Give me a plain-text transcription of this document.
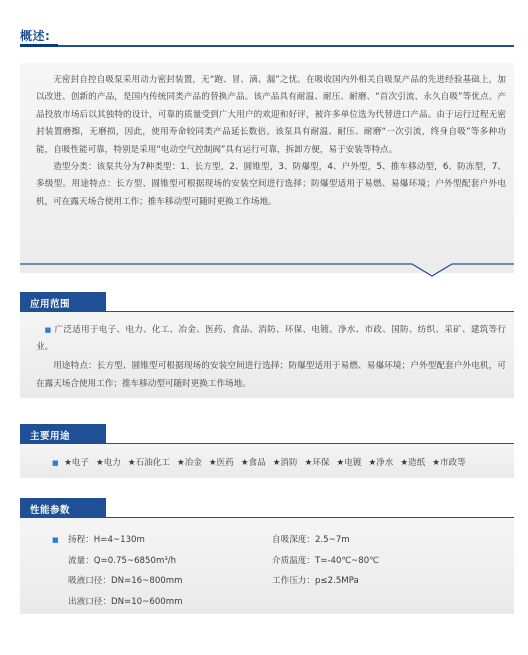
概述:

无密封自控自吸泵采用动力密封装置，无“跑、冒、滴、漏”之忧。在吸收国内外相关自吸泵产品的先进经验基础上，加以改进、创新的产品，是国内传统同类产品的替换产品。该产品具有耐温、耐压、耐磨、“首次引流、永久自吸”等优点。产品投放市场后以其独特的设计，可靠的质量受到广大用户的欢迎和好评，被许多单位选为代替进口产品。由于运行过程无密封装置磨擦，无磨损，因此，使用寿命较同类产品延长数倍。该泵具有耐温、耐压、耐磨“一次引流，终身自吸”等多种功能，自吸性能可靠，特别是采用“电动空气控制阀”具有运行可靠，拆卸方便，易于安装等特点。

造型分类：该泵共分为7种类型：1、长方型，2、圆锥型，3、防爆型，4、户外型，5、推车移动型，6、防冻型，7、多级型。用途特点：长方型、圆锥型可根据现场的安装空间进行选择；防爆型适用于易燃、易爆环境；户外型配套户外电机，可在露天场合使用工作；推车移动型可随时更换工作场地。

应用范围

■ 广泛适用于电子、电力、化工、冶金、医药、食品、消防、环保、电镀、净水、市政、国防、纺织、采矿、建筑等行业。

用途特点：长方型、圆锥型可根据现场的安装空间进行选择；防爆型适用于易燃、易爆环境；户外型配套户外电机，可在露天场合使用工作；推车移动型可随时更换工作场地。

主要用途
■ ★电子 ★电力 ★石油化工 ★冶金 ★医药 ★食品 ★消防 ★环保 ★电镀 ★净水 ★造纸 ★市政等
性能参数
■ 扬程：H=4~130m
流量：Q=0.75~6850m³/h
吸液口径：DN=16~800mm
出液口径：DN=10~600mm
自吸深度：2.5~7m
介质温度：T=-40℃~80℃
工作压力：p≤2.5MPa
